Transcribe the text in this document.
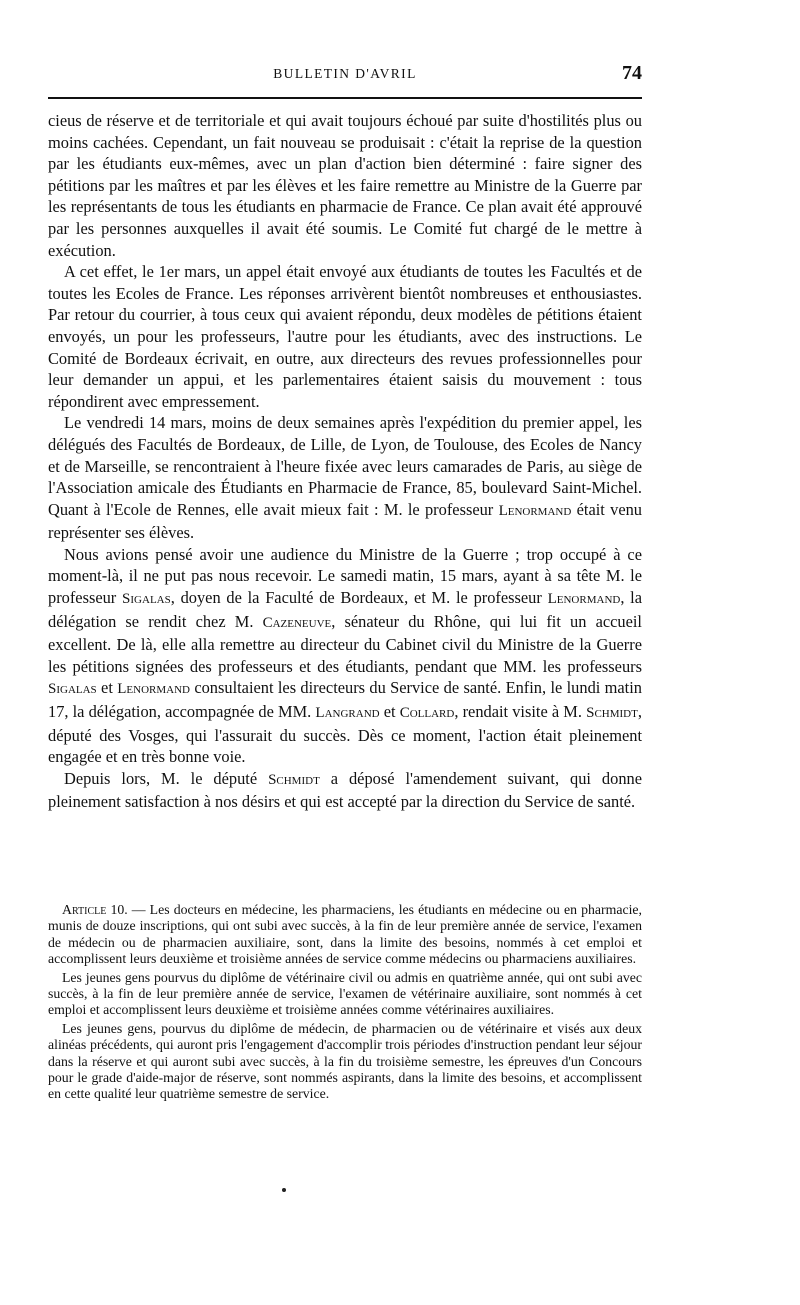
BULLETIN D'AVRIL	74

cieus de réserve et de territoriale et qui avait toujours échoué par suite d'hostilités plus ou moins cachées. Cependant, un fait nouveau se produisait : c'était la reprise de la question par les étudiants eux-mêmes, avec un plan d'action bien déterminé : faire signer des pétitions par les maîtres et par les élèves et les faire remettre au Ministre de la Guerre par les représentants de tous les étudiants en pharmacie de France. Ce plan avait été approuvé par les personnes auxquelles il avait été soumis. Le Comité fut chargé de le mettre à exécution.

A cet effet, le 1er mars, un appel était envoyé aux étudiants de toutes les Facultés et de toutes les Ecoles de France. Les réponses arrivèrent bientôt nombreuses et enthousiastes. Par retour du courrier, à tous ceux qui avaient répondu, deux modèles de pétitions étaient envoyés, un pour les professeurs, l'autre pour les étudiants, avec des instructions. Le Comité de Bordeaux écrivait, en outre, aux directeurs des revues professionnelles pour leur demander un appui, et les parlementaires étaient saisis du mouvement : tous répondirent avec empressement.

Le vendredi 14 mars, moins de deux semaines après l'expédition du premier appel, les délégués des Facultés de Bordeaux, de Lille, de Lyon, de Toulouse, des Ecoles de Nancy et de Marseille, se rencontraient à l'heure fixée avec leurs camarades de Paris, au siège de l'Association amicale des Étudiants en Pharmacie de France, 85, boulevard Saint-Michel. Quant à l'Ecole de Rennes, elle avait mieux fait : M. le professeur Lenormand était venu représenter ses élèves.

Nous avions pensé avoir une audience du Ministre de la Guerre ; trop occupé à ce moment-là, il ne put pas nous recevoir. Le samedi matin, 15 mars, ayant à sa tête M. le professeur Sigalas, doyen de la Faculté de Bordeaux, et M. le professeur Lenormand, la délégation se rendit chez M. Cazeneuve, sénateur du Rhône, qui lui fit un accueil excellent. De là, elle alla remettre au directeur du Cabinet civil du Ministre de la Guerre les pétitions signées des professeurs et des étudiants, pendant que MM. les professeurs Sigalas et Lenormand consultaient les directeurs du Service de santé. Enfin, le lundi matin 17, la délégation, accompagnée de MM. Langrand et Collard, rendait visite à M. Schmidt, député des Vosges, qui l'assurait du succès. Dès ce moment, l'action était pleinement engagée et en très bonne voie.

Depuis lors, M. le député Schmidt a déposé l'amendement suivant, qui donne pleinement satisfaction à nos désirs et qui est accepté par la direction du Service de santé.

Article 10. — Les docteurs en médecine, les pharmaciens, les étudiants en médecine ou en pharmacie, munis de douze inscriptions, qui ont subi avec succès, à la fin de leur première année de service, l'examen de médecin ou de pharmacien auxiliaire, sont, dans la limite des besoins, nommés à cet emploi et accomplissent leurs deuxième et troisième années de service comme médecins ou pharmaciens auxiliaires.

Les jeunes gens pourvus du diplôme de vétérinaire civil ou admis en quatrième année, qui ont subi avec succès, à la fin de leur première année de service, l'examen de vétérinaire auxiliaire, sont nommés à cet emploi et accomplissent leurs deuxième et troisième années comme vétérinaires auxiliaires.

Les jeunes gens, pourvus du diplôme de médecin, de pharmacien ou de vétérinaire et visés aux deux alinéas précédents, qui auront pris l'engagement d'accomplir trois périodes d'instruction pendant leur séjour dans la réserve et qui auront subi avec succès, à la fin du troisième semestre, les épreuves d'un Concours pour le grade d'aide-major de réserve, sont nommés aspirants, dans la limite des besoins, et accomplissent en cette qualité leur quatrième semestre de service.
